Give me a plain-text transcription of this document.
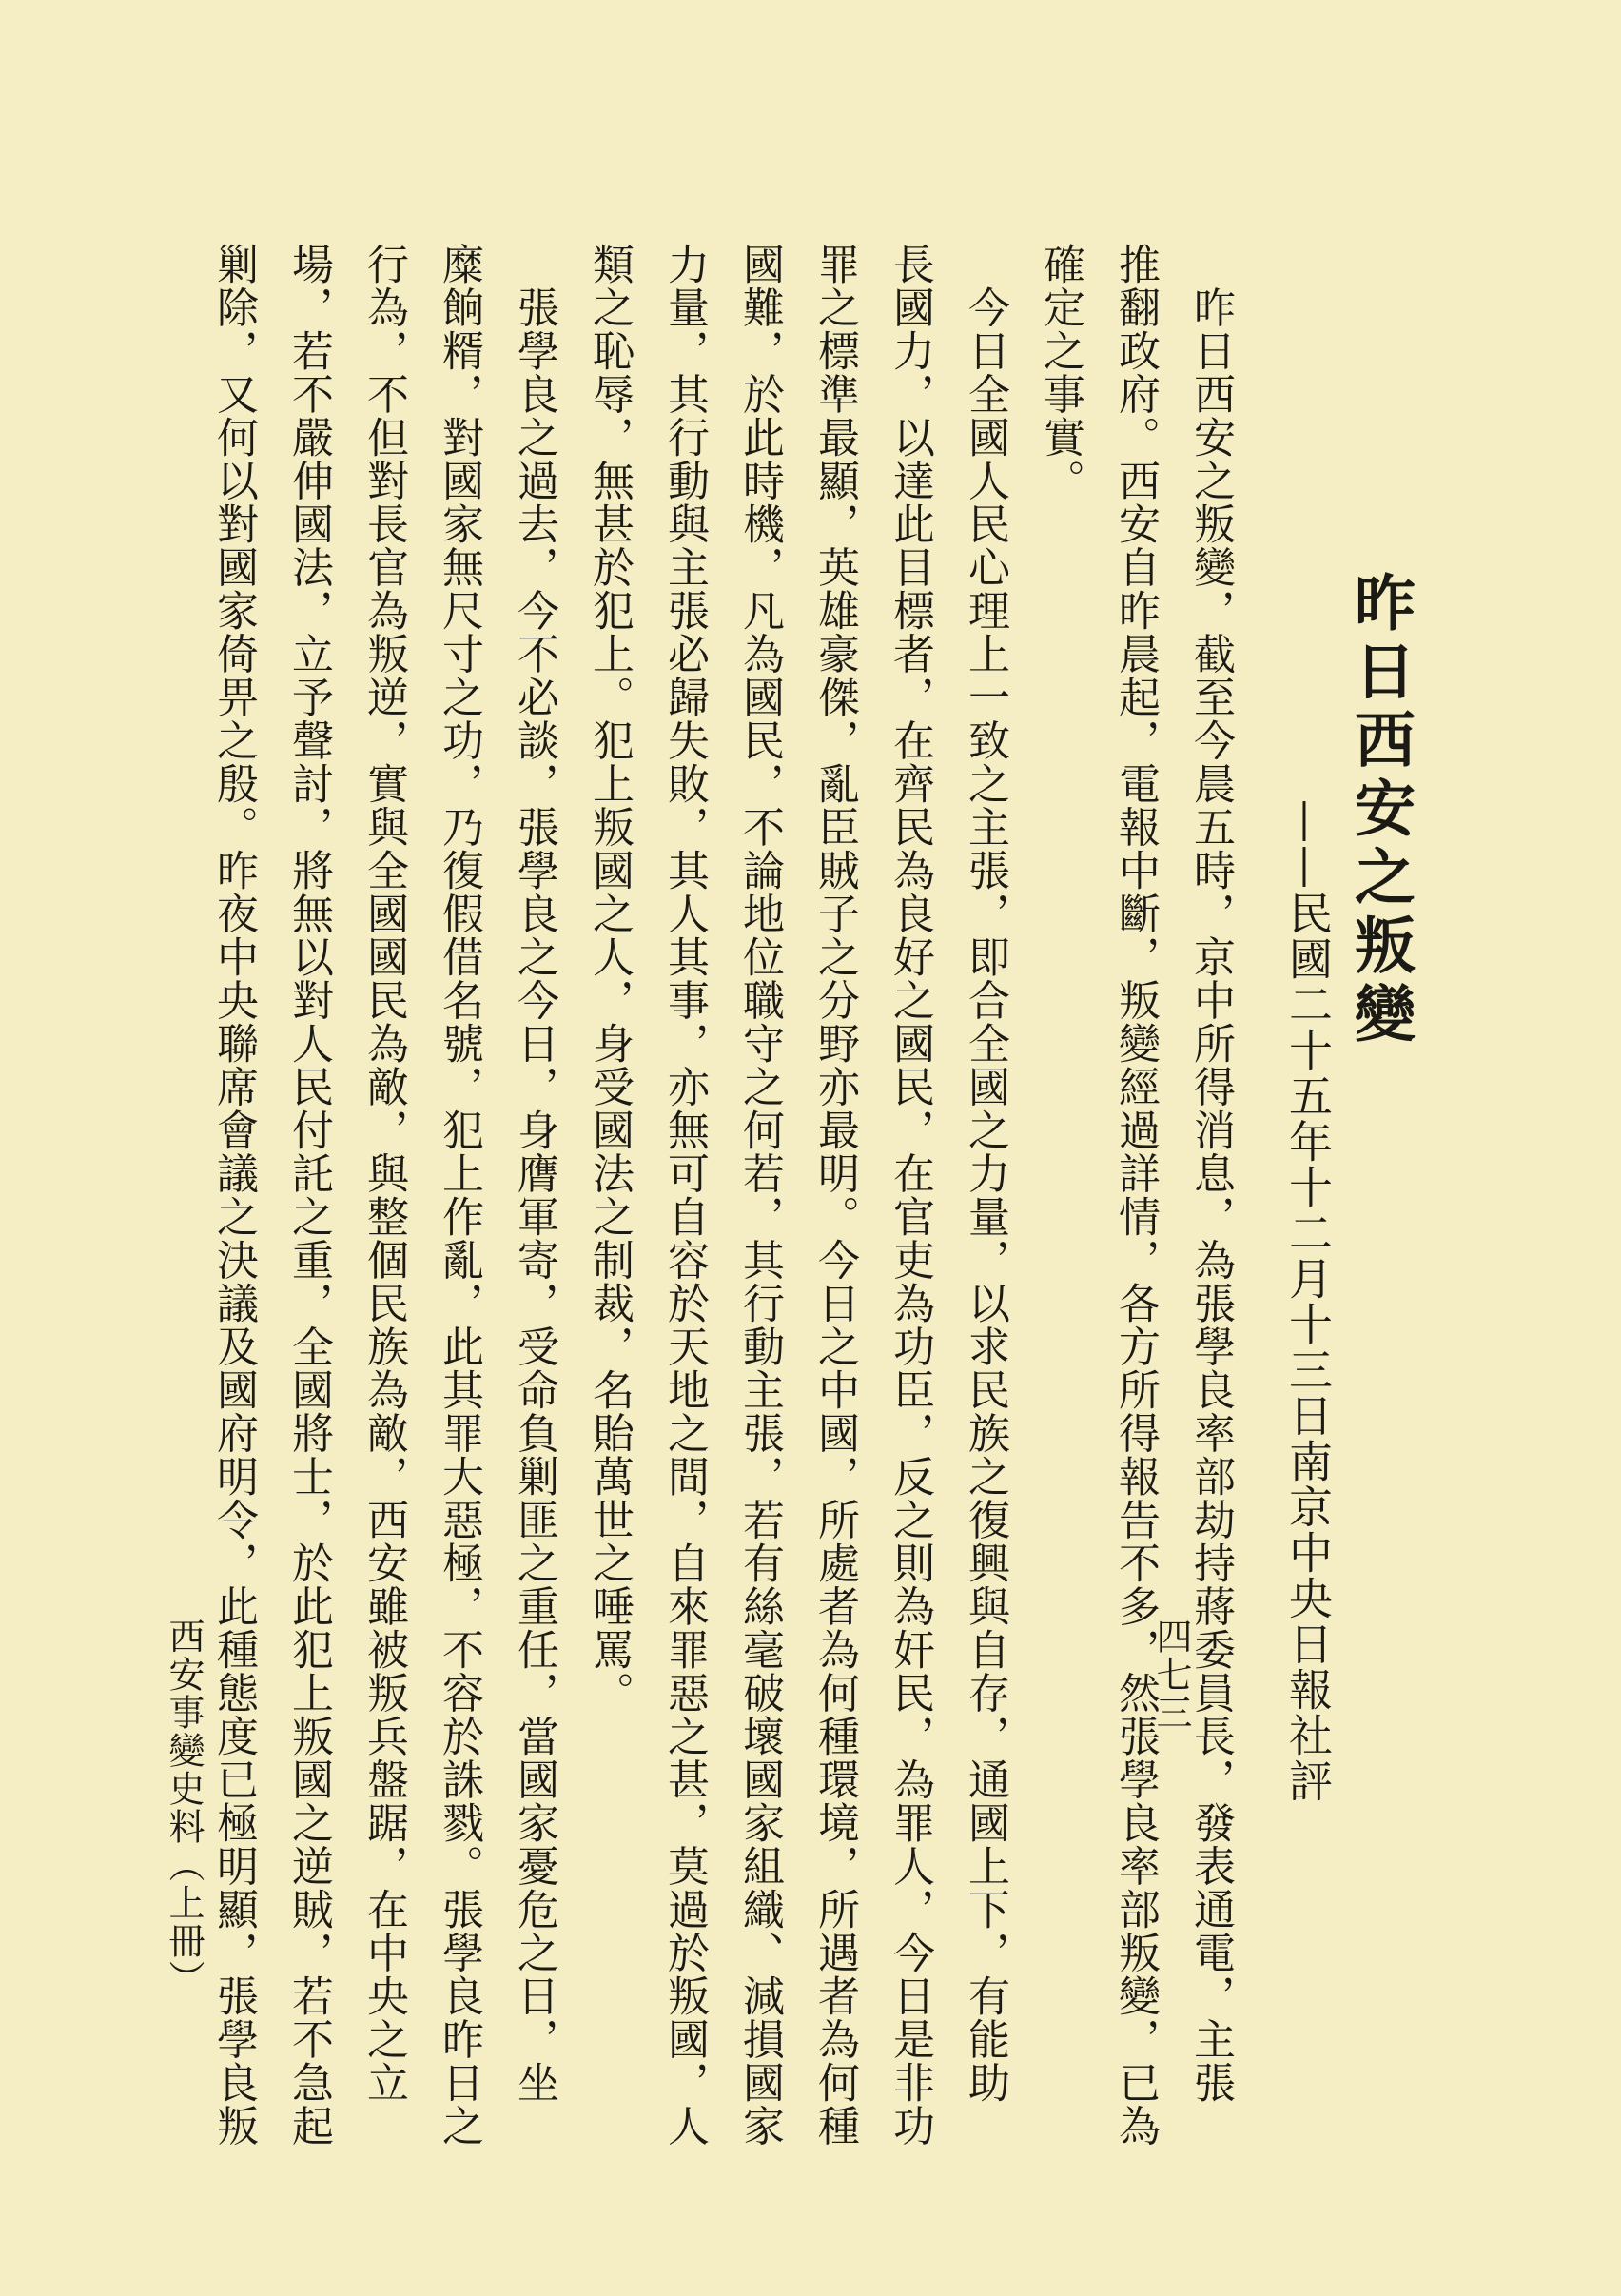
昨日西安之叛變
——民國二十五年十二月十三日南京中央日報社評
　昨日西安之叛變，截至今晨五時，京中所得消息，為張學良率部劫持蔣委員長，發表通電，主張
推翻政府。西安自昨晨起，電報中斷，叛變經過詳情，各方所得報告不多，然張學良率部叛變，已為
確定之事實。
　今日全國人民心理上一致之主張，即合全國之力量，以求民族之復興與自存，通國上下，有能助
長國力，以達此目標者，在齊民為良好之國民，在官吏為功臣，反之則為奸民，為罪人，今日是非功
罪之標準最顯，英雄豪傑，亂臣賊子之分野亦最明。今日之中國，所處者為何種環境，所遇者為何種
國難，於此時機，凡為國民，不論地位職守之何若，其行動主張，若有絲毫破壞國家組織、減損國家
力量，其行動與主張必歸失敗，其人其事，亦無可自容於天地之間，自來罪惡之甚，莫過於叛國，人
類之恥辱，無甚於犯上。犯上叛國之人，身受國法之制裁，名貽萬世之唾罵。
　張學良之過去，今不必談，張學良之今日，身膺軍寄，受命負剿匪之重任，當國家憂危之日，坐
糜餉糈，對國家無尺寸之功，乃復假借名號，犯上作亂，此其罪大惡極，不容於誅戮。張學良昨日之
行為，不但對長官為叛逆，實與全國國民為敵，與整個民族為敵，西安雖被叛兵盤踞，在中央之立
場，若不嚴伸國法，立予聲討，將無以對人民付託之重，全國將士，於此犯上叛國之逆賊，若不急起
剿除，又何以對國家倚畀之殷。昨夜中央聯席會議之決議及國府明令，此種態度已極明顯，張學良叛
西安事變史料（上冊）	四七三
